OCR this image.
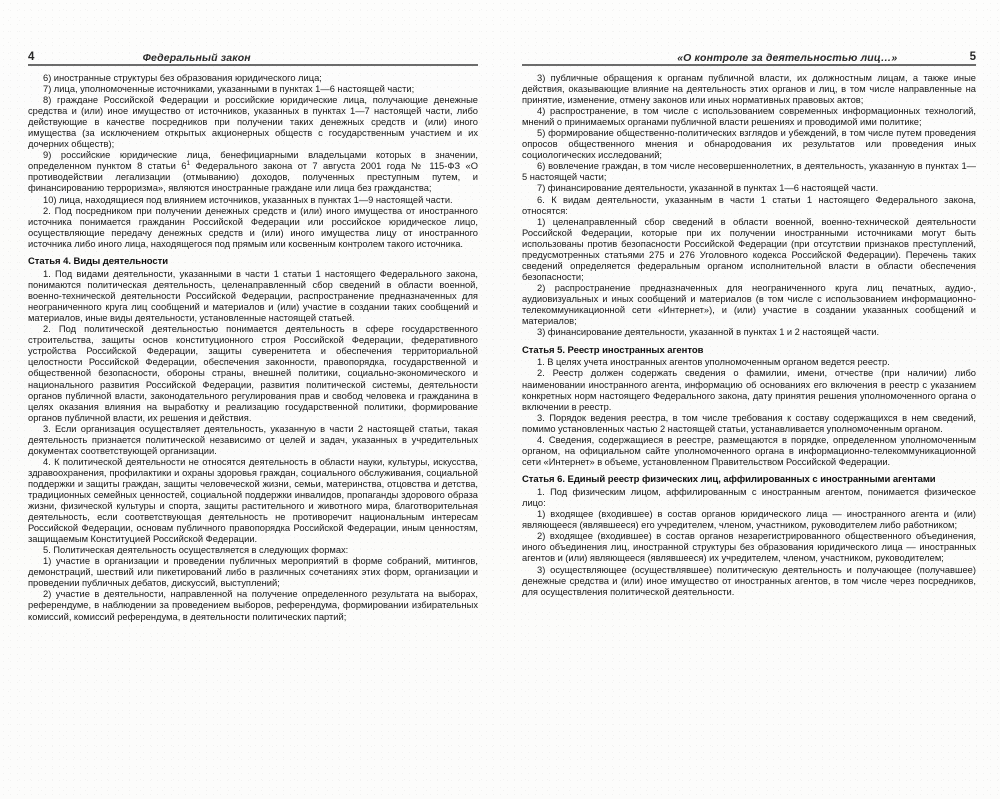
4	Федеральный закон

6) иностранные структуры без образования юридического лица;

7) лица, уполномоченные источниками, указанными в пунктах 1—6 настоящей части;

8) граждане Российской Федерации и российские юридические лица, получающие денежные средства и (или) иное имущество от источников, указанных в пунктах 1—7 настоящей части, либо действующие в качестве посредников при получении таких денежных средств и (или) иного имущества (за исключением открытых акционерных обществ с государственным участием и их дочерних обществ);

9) российские юридические лица, бенефициарными владельцами которых в значении, определенном пунктом 8 статьи 6$^1$ Федерального закона от 7 августа 2001 года № 115-ФЗ «О противодействии легализации (отмыванию) доходов, полученных преступным путем, и финансированию терроризма», являются иностранные граждане или лица без гражданства;

10) лица, находящиеся под влиянием источников, указанных в пунктах 1—9 настоящей части.

2. Под посредником при получении денежных средств и (или) иного имущества от иностранного источника понимается гражданин Российской Федерации или российское юридическое лицо, осуществляющие передачу денежных средств и (или) иного имущества лицу от иностранного источника либо иного лица, находящегося под прямым или косвенным контролем такого источника.

Статья 4. Виды деятельности

1. Под видами деятельности, указанными в части 1 статьи 1 настоящего Федерального закона, понимаются политическая деятельность, целенаправленный сбор сведений в области военной, военно-технической деятельности Российской Федерации, распространение предназначенных для неограниченного круга лиц сообщений и материалов и (или) участие в создании таких сообщений и материалов, иные виды деятельности, установленные настоящей статьей.

2. Под политической деятельностью понимается деятельность в сфере государственного строительства, защиты основ конституционного строя Российской Федерации, федеративного устройства Российской Федерации, защиты суверенитета и обеспечения территориальной целостности Российской Федерации, обеспечения законности, правопорядка, государственной и общественной безопасности, обороны страны, внешней политики, социально-экономического и национального развития Российской Федерации, развития политической системы, деятельности органов публичной власти, законодательного регулирования прав и свобод человека и гражданина в целях оказания влияния на выработку и реализацию государственной политики, формирование органов публичной власти, их решения и действия.

3. Если организация осуществляет деятельность, указанную в части 2 настоящей статьи, такая деятельность признается политической независимо от целей и задач, указанных в учредительных документах соответствующей организации.

4. К политической деятельности не относятся деятельность в области науки, культуры, искусства, здравоохранения, профилактики и охраны здоровья граждан, социального обслуживания, социальной поддержки и защиты граждан, защиты человеческой жизни, семьи, материнства, отцовства и детства, традиционных семейных ценностей, социальной поддержки инвалидов, пропаганды здорового образа жизни, физической культуры и спорта, защиты растительного и животного мира, благотворительная деятельность, если соответствующая деятельность не противоречит национальным интересам Российской Федерации, основам публичного правопорядка Российской Федерации, иным ценностям, защищаемым Конституцией Российской Федерации.

5. Политическая деятельность осуществляется в следующих формах:

1) участие в организации и проведении публичных мероприятий в форме собраний, митингов, демонстраций, шествий или пикетирований либо в различных сочетаниях этих форм, организации и проведении публичных дебатов, дискуссий, выступлений;

2) участие в деятельности, направленной на получение определенного результата на выборах, референдуме, в наблюдении за проведением выборов, референдума, формировании избирательных комиссий, комиссий референдума, в деятельности политических партий;

«О контроле за деятельностью лиц…»	5

3) публичные обращения к органам публичной власти, их должностным лицам, а также иные действия, оказывающие влияние на деятельность этих органов и лиц, в том числе направленные на принятие, изменение, отмену законов или иных нормативных правовых актов;

4) распространение, в том числе с использованием современных информационных технологий, мнений о принимаемых органами публичной власти решениях и проводимой ими политике;

5) формирование общественно-политических взглядов и убеждений, в том числе путем проведения опросов общественного мнения и обнародования их результатов или проведения иных социологических исследований;

6) вовлечение граждан, в том числе несовершеннолетних, в деятельность, указанную в пунктах 1—5 настоящей части;

7) финансирование деятельности, указанной в пунктах 1—6 настоящей части.

6. К видам деятельности, указанным в части 1 статьи 1 настоящего Федерального закона, относятся:

1) целенаправленный сбор сведений в области военной, военно-технической деятельности Российской Федерации, которые при их получении иностранными источниками могут быть использованы против безопасности Российской Федерации (при отсутствии признаков преступлений, предусмотренных статьями 275 и 276 Уголовного кодекса Российской Федерации). Перечень таких сведений определяется федеральным органом исполнительной власти в области обеспечения безопасности;

2) распространение предназначенных для неограниченного круга лиц печатных, аудио-, аудиовизуальных и иных сообщений и материалов (в том числе с использованием информационно-телекоммуникационной сети «Интернет»), и (или) участие в создании указанных сообщений и материалов;

3) финансирование деятельности, указанной в пунктах 1 и 2 настоящей части.

Статья 5. Реестр иностранных агентов

1. В целях учета иностранных агентов уполномоченным органом ведется реестр.

2. Реестр должен содержать сведения о фамилии, имени, отчестве (при наличии) либо наименовании иностранного агента, информацию об основаниях его включения в реестр с указанием конкретных норм настоящего Федерального закона, дату принятия решения уполномоченного органа о включении в реестр.

3. Порядок ведения реестра, в том числе требования к составу содержащихся в нем сведений, помимо установленных частью 2 настоящей статьи, устанавливается уполномоченным органом.

4. Сведения, содержащиеся в реестре, размещаются в порядке, определенном уполномоченным органом, на официальном сайте уполномоченного органа в информационно-телекоммуникационной сети «Интернет» в объеме, установленном Правительством Российской Федерации.

Статья 6. Единый реестр физических лиц, аффилированных с иностранными агентами

1. Под физическим лицом, аффилированным с иностранным агентом, понимается физическое лицо:

1) входящее (входившее) в состав органов юридического лица — иностранного агента и (или) являющееся (являвшееся) его учредителем, членом, участником, руководителем либо работником;

2) входящее (входившее) в состав органов незарегистрированного общественного объединения, иного объединения лиц, иностранной структуры без образования юридического лица — иностранных агентов и (или) являющееся (являвшееся) их учредителем, членом, участником, руководителем;

3) осуществляющее (осуществлявшее) политическую деятельность и получающее (получавшее) денежные средства и (или) иное имущество от иностранных агентов, в том числе через посредников, для осуществления политической деятельности.
